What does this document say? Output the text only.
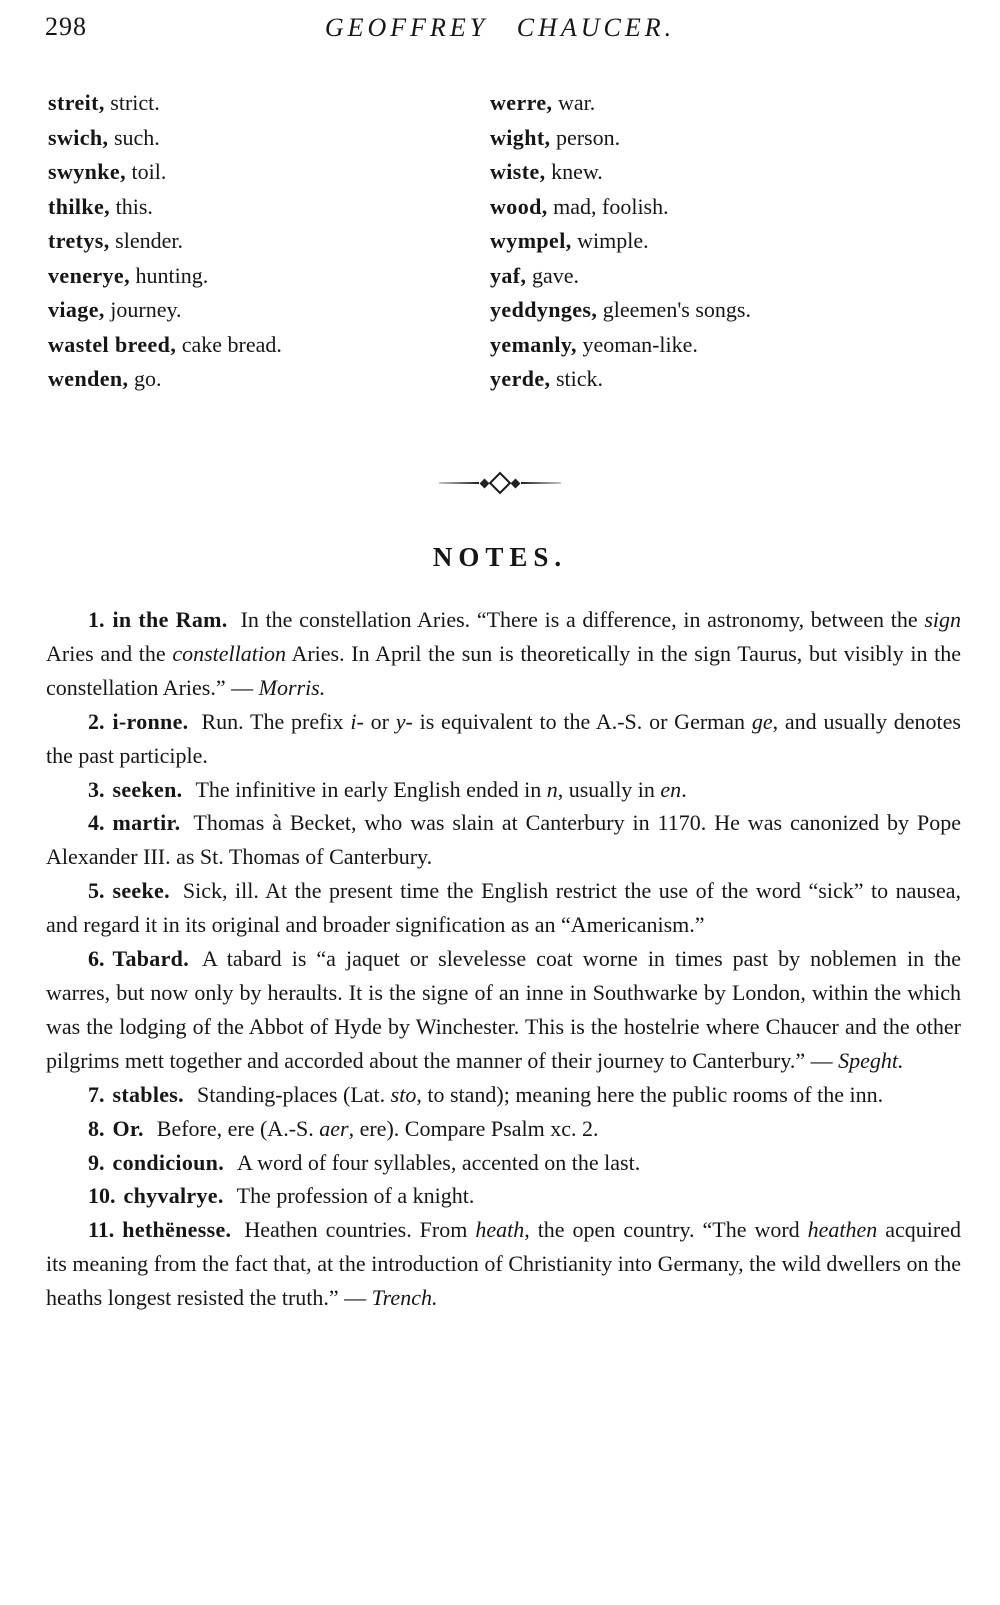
298	GEOFFREY CHAUCER.
streit, strict.
swich, such.
swynke, toil.
thilke, this.
tretys, slender.
venerye, hunting.
viage, journey.
wastel breed, cake bread.
wenden, go.
werre, war.
wight, person.
wiste, knew.
wood, mad, foolish.
wympel, wimple.
yaf, gave.
yeddynges, gleemen's songs.
yemanly, yeoman-like.
yerde, stick.
NOTES.

1. in the Ram. In the constellation Aries. “There is a difference, in astronomy, between the sign Aries and the constellation Aries. In April the sun is theoretically in the sign Taurus, but visibly in the constellation Aries.” — Morris.

2. i-ronne. Run. The prefix i- or y- is equivalent to the A.-S. or German ge, and usually denotes the past participle.

3. seeken. The infinitive in early English ended in n, usually in en.

4. martir. Thomas à Becket, who was slain at Canterbury in 1170. He was canonized by Pope Alexander III. as St. Thomas of Canterbury.

5. seeke. Sick, ill. At the present time the English restrict the use of the word “sick” to nausea, and regard it in its original and broader signification as an “Americanism.”

6. Tabard. A tabard is “a jaquet or slevelesse coat worne in times past by noblemen in the warres, but now only by heraults. It is the signe of an inne in Southwarke by London, within the which was the lodging of the Abbot of Hyde by Winchester. This is the hostelrie where Chaucer and the other pilgrims mett together and accorded about the manner of their journey to Canterbury.” — Speght.

7. stables. Standing-places (Lat. sto, to stand); meaning here the public rooms of the inn.

8. Or. Before, ere (A.-S. aer, ere). Compare Psalm xc. 2.

9. condicioun. A word of four syllables, accented on the last.

10. chyvalrye. The profession of a knight.

11. hethënesse. Heathen countries. From heath, the open country. “The word heathen acquired its meaning from the fact that, at the introduction of Christianity into Germany, the wild dwellers on the heaths longest resisted the truth.” — Trench.
